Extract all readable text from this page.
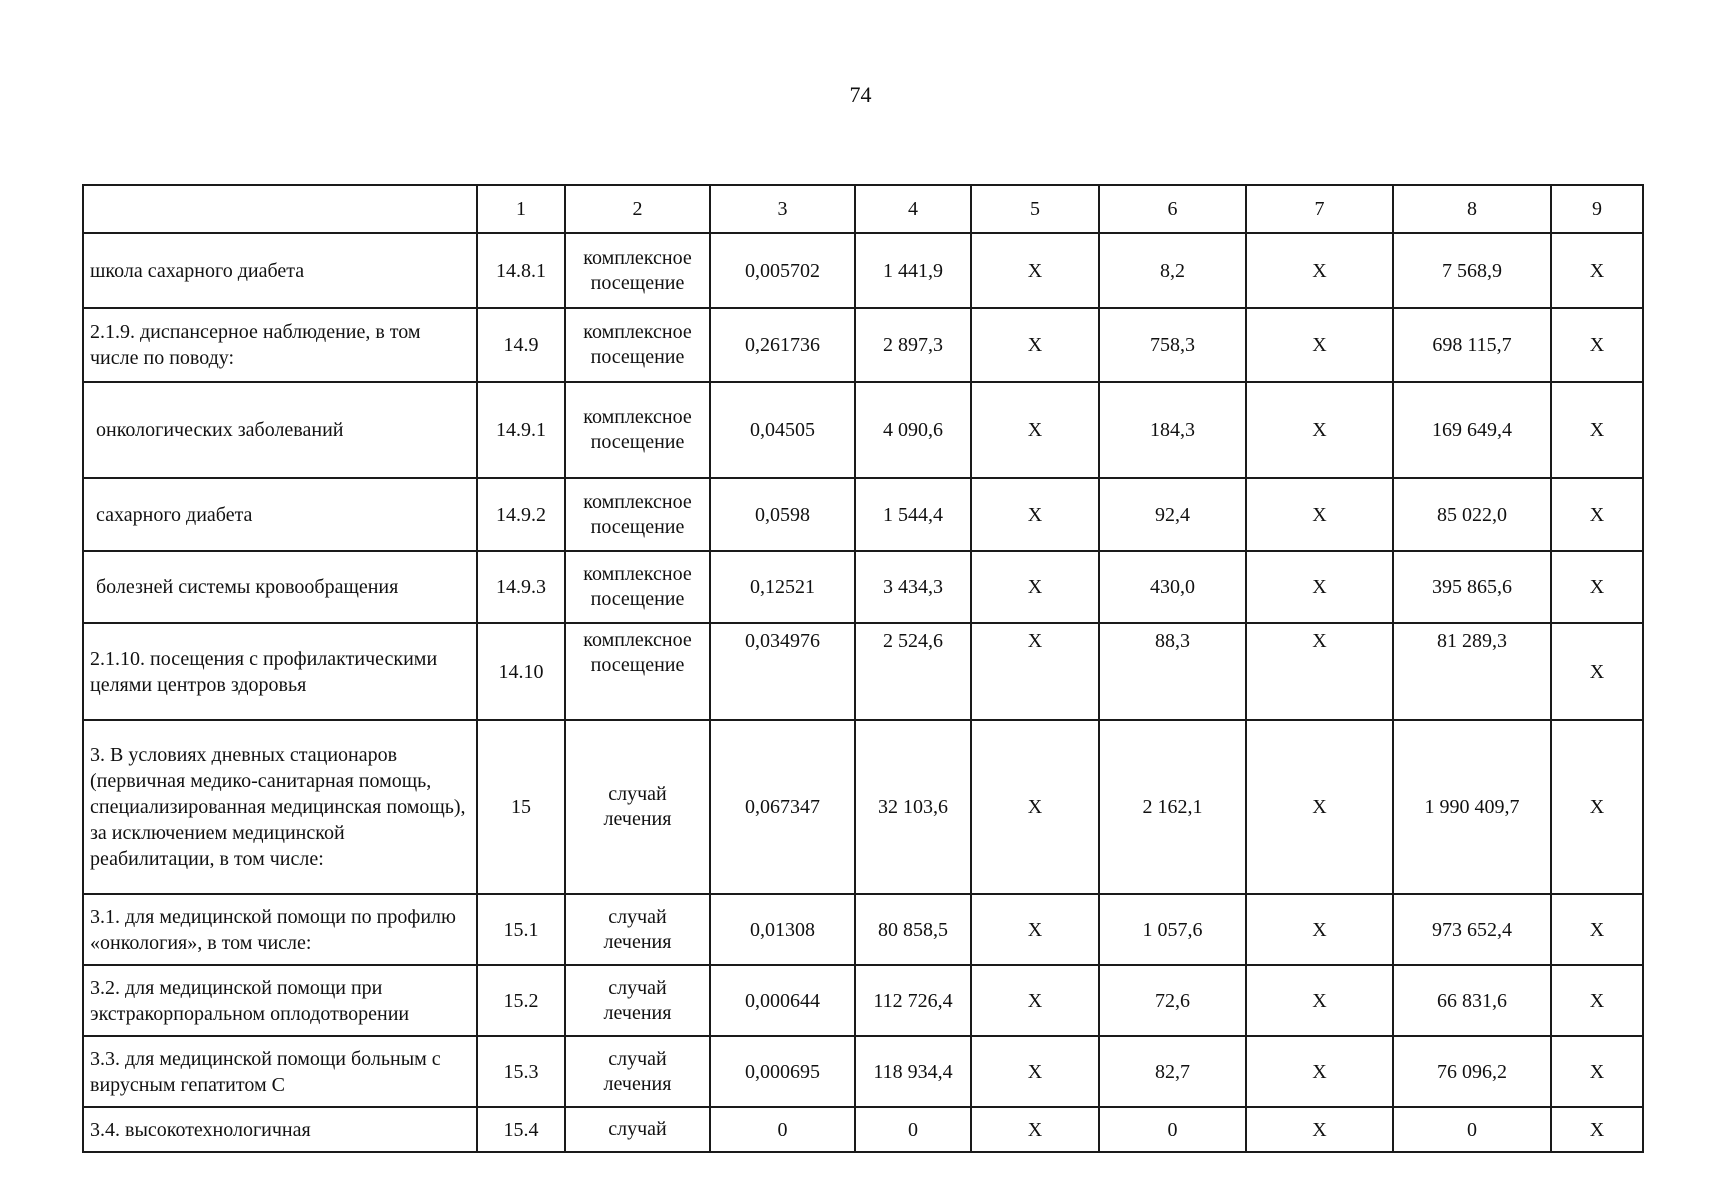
74
	1	2	3	4	5	6	7	8	9
школа сахарного диабета	14.8.1	комплексное посещение	0,005702	1 441,9	Х	8,2	Х	7 568,9	Х
2.1.9. диспансерное наблюдение, в том числе по поводу:	14.9	комплексное посещение	0,261736	2 897,3	Х	758,3	Х	698 115,7	Х
онкологических заболеваний	14.9.1	комплексное посещение	0,04505	4 090,6	Х	184,3	Х	169 649,4	Х
сахарного диабета	14.9.2	комплексное посещение	0,0598	1 544,4	Х	92,4	Х	85 022,0	Х
болезней системы кровообращения	14.9.3	комплексное посещение	0,12521	3 434,3	Х	430,0	Х	395 865,6	Х
2.1.10. посещения с профилактическими целями центров здоровья	14.10	комплексное посещение	0,034976	2 524,6	Х	88,3	Х	81 289,3	Х
3. В условиях дневных стационаров (первичная медико-санитарная помощь, специализированная медицинская помощь), за исключением медицинской реабилитации, в том числе:	15	случай лечения	0,067347	32 103,6	Х	2 162,1	Х	1 990 409,7	Х
3.1. для медицинской помощи по профилю «онкология», в том числе:	15.1	случай лечения	0,01308	80 858,5	Х	1 057,6	Х	973 652,4	Х
3.2. для медицинской помощи при экстракорпоральном оплодотворении	15.2	случай лечения	0,000644	112 726,4	Х	72,6	Х	66 831,6	Х
3.3. для медицинской помощи больным с вирусным гепатитом С	15.3	случай лечения	0,000695	118 934,4	Х	82,7	Х	76 096,2	Х
3.4. высокотехнологичная	15.4	случай	0	0	Х	0	Х	0	Х
